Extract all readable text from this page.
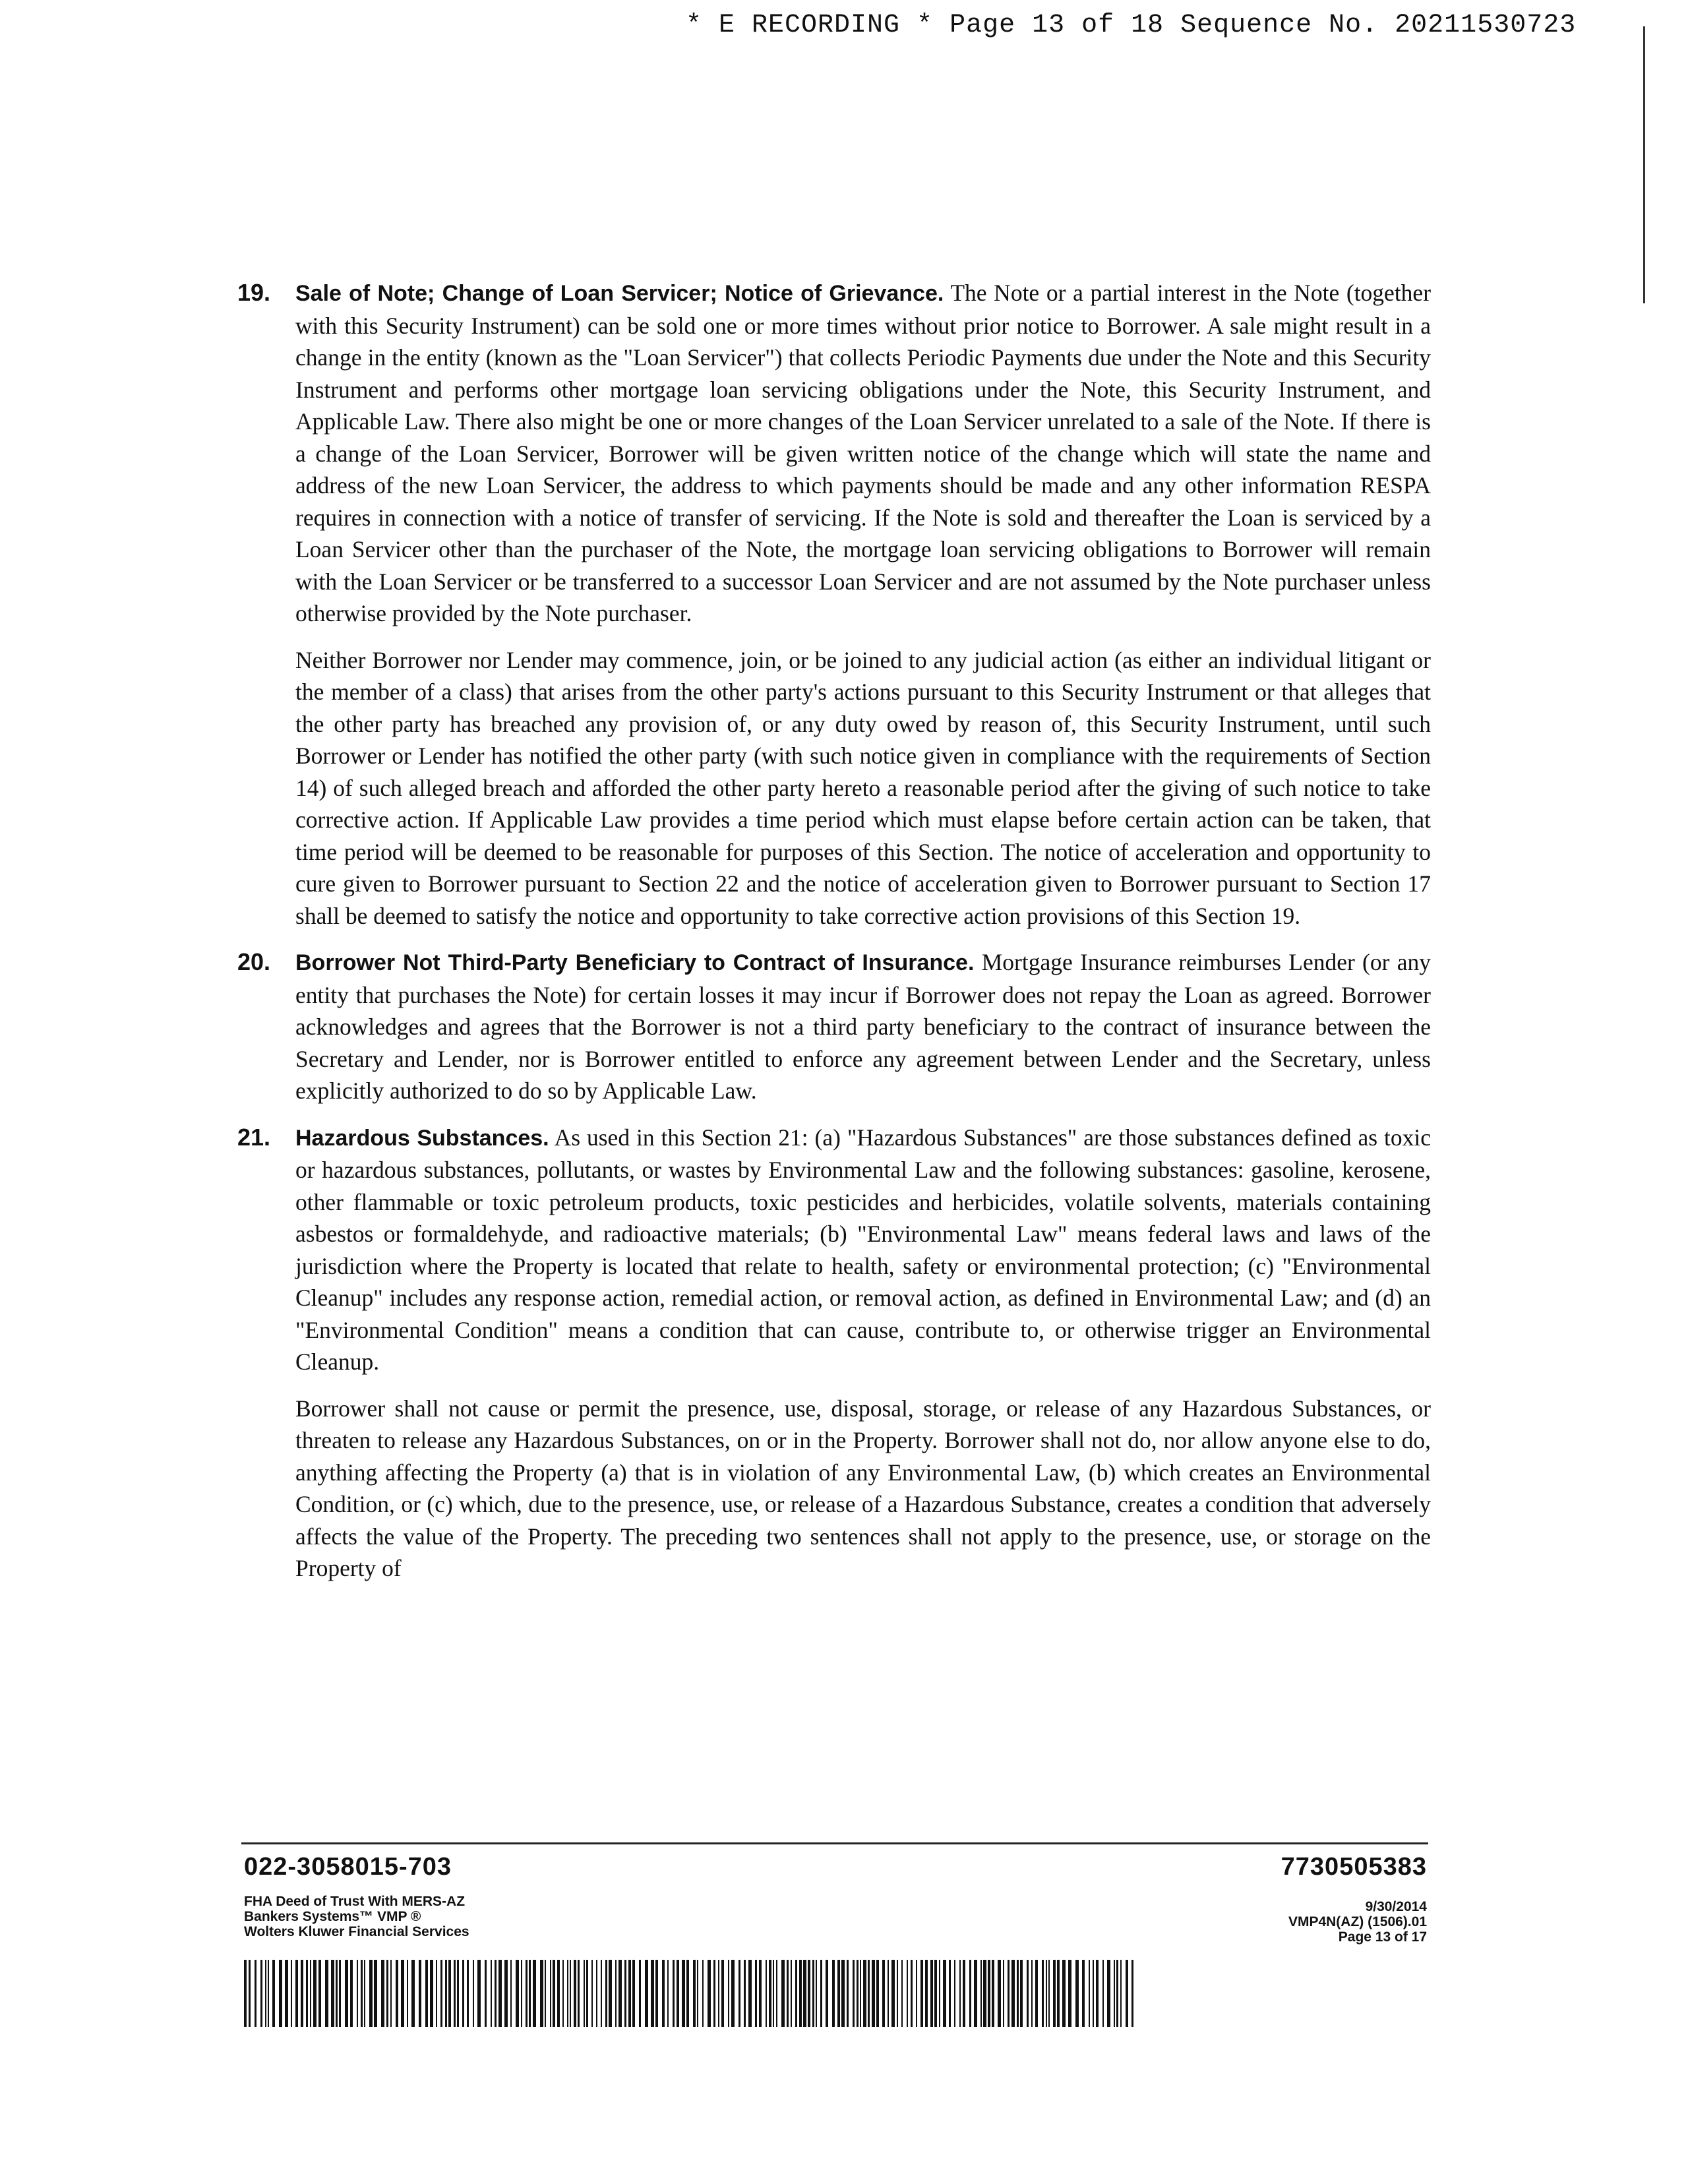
* E RECORDING * Page 13 of 18 Sequence No. 20211530723
19. Sale of Note; Change of Loan Servicer; Notice of Grievance. The Note or a partial interest in the Note (together with this Security Instrument) can be sold one or more times without prior notice to Borrower. A sale might result in a change in the entity (known as the "Loan Servicer") that collects Periodic Payments due under the Note and this Security Instrument and performs other mortgage loan servicing obligations under the Note, this Security Instrument, and Applicable Law. There also might be one or more changes of the Loan Servicer unrelated to a sale of the Note. If there is a change of the Loan Servicer, Borrower will be given written notice of the change which will state the name and address of the new Loan Servicer, the address to which payments should be made and any other information RESPA requires in connection with a notice of transfer of servicing. If the Note is sold and thereafter the Loan is serviced by a Loan Servicer other than the purchaser of the Note, the mortgage loan servicing obligations to Borrower will remain with the Loan Servicer or be transferred to a successor Loan Servicer and are not assumed by the Note purchaser unless otherwise provided by the Note purchaser.
Neither Borrower nor Lender may commence, join, or be joined to any judicial action (as either an individual litigant or the member of a class) that arises from the other party's actions pursuant to this Security Instrument or that alleges that the other party has breached any provision of, or any duty owed by reason of, this Security Instrument, until such Borrower or Lender has notified the other party (with such notice given in compliance with the requirements of Section 14) of such alleged breach and afforded the other party hereto a reasonable period after the giving of such notice to take corrective action. If Applicable Law provides a time period which must elapse before certain action can be taken, that time period will be deemed to be reasonable for purposes of this Section. The notice of acceleration and opportunity to cure given to Borrower pursuant to Section 22 and the notice of acceleration given to Borrower pursuant to Section 17 shall be deemed to satisfy the notice and opportunity to take corrective action provisions of this Section 19.
20. Borrower Not Third-Party Beneficiary to Contract of Insurance. Mortgage Insurance reimburses Lender (or any entity that purchases the Note) for certain losses it may incur if Borrower does not repay the Loan as agreed. Borrower acknowledges and agrees that the Borrower is not a third party beneficiary to the contract of insurance between the Secretary and Lender, nor is Borrower entitled to enforce any agreement between Lender and the Secretary, unless explicitly authorized to do so by Applicable Law.
21. Hazardous Substances. As used in this Section 21: (a) "Hazardous Substances" are those substances defined as toxic or hazardous substances, pollutants, or wastes by Environmental Law and the following substances: gasoline, kerosene, other flammable or toxic petroleum products, toxic pesticides and herbicides, volatile solvents, materials containing asbestos or formaldehyde, and radioactive materials; (b) "Environmental Law" means federal laws and laws of the jurisdiction where the Property is located that relate to health, safety or environmental protection; (c) "Environmental Cleanup" includes any response action, remedial action, or removal action, as defined in Environmental Law; and (d) an "Environmental Condition" means a condition that can cause, contribute to, or otherwise trigger an Environmental Cleanup.
Borrower shall not cause or permit the presence, use, disposal, storage, or release of any Hazardous Substances, or threaten to release any Hazardous Substances, on or in the Property. Borrower shall not do, nor allow anyone else to do, anything affecting the Property (a) that is in violation of any Environmental Law, (b) which creates an Environmental Condition, or (c) which, due to the presence, use, or release of a Hazardous Substance, creates a condition that adversely affects the value of the Property. The preceding two sentences shall not apply to the presence, use, or storage on the Property of
022-3058015-703	7730505383
FHA Deed of Trust With MERS-AZ
Bankers Systems™ VMP ®
Wolters Kluwer Financial Services
9/30/2014
VMP4N(AZ) (1506).01
Page 13 of 17
